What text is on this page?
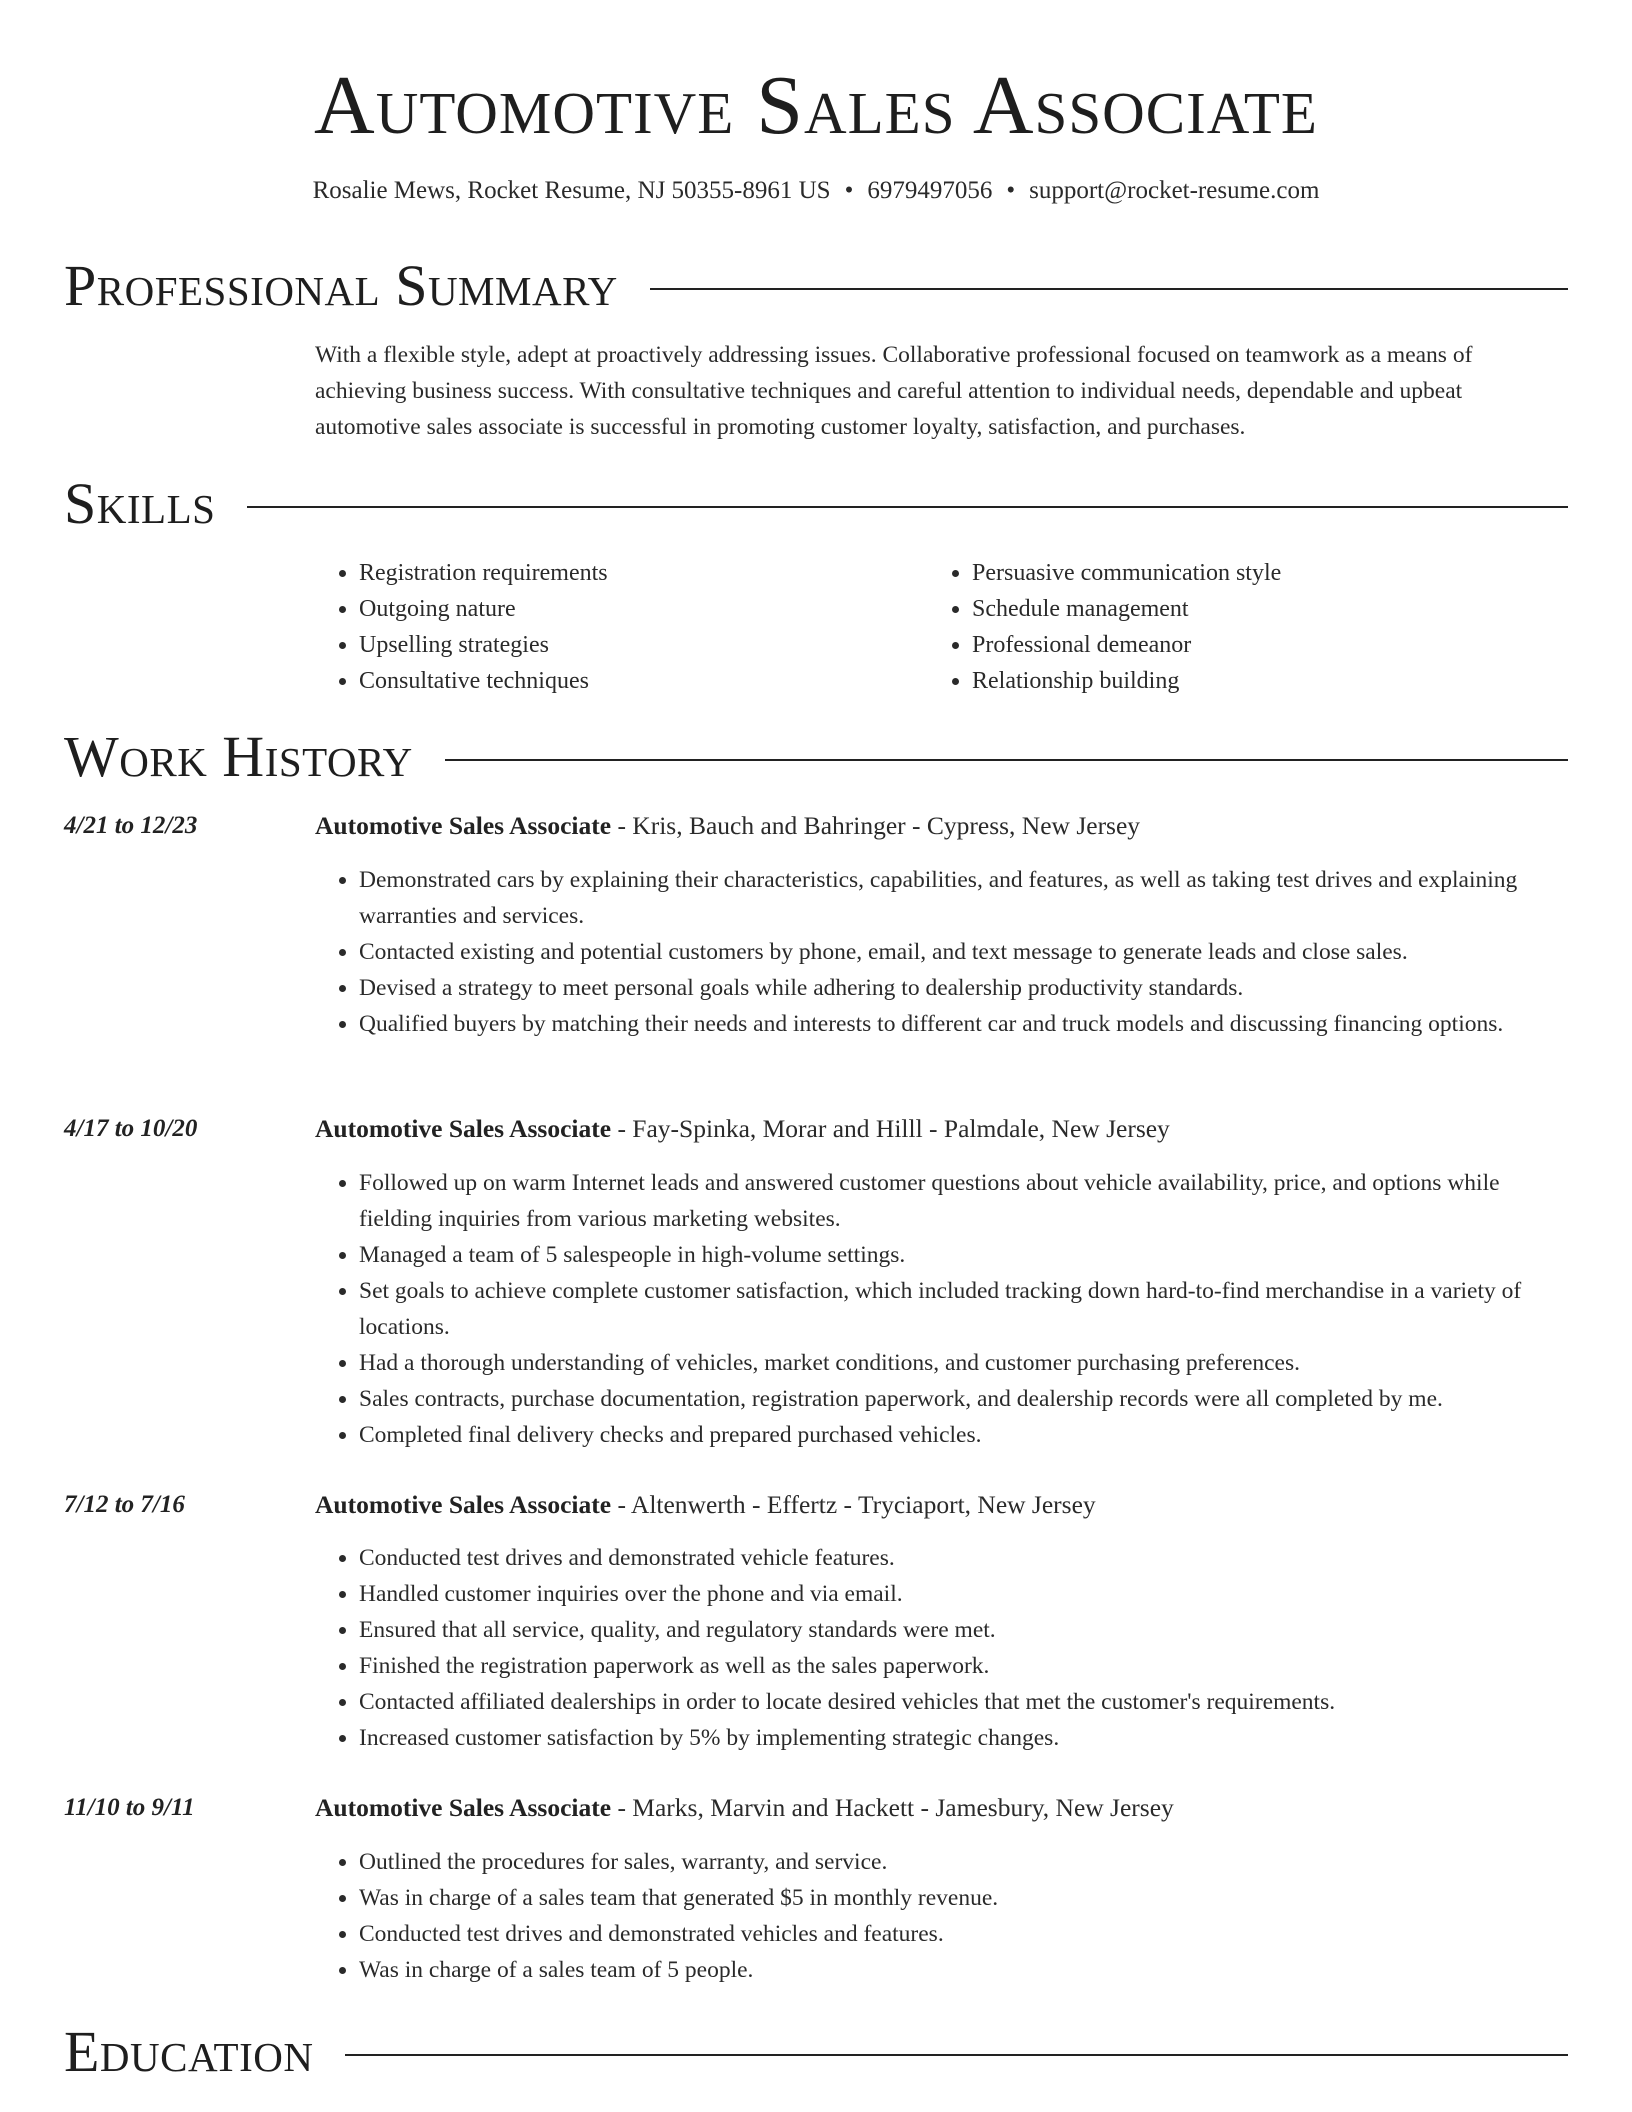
Automotive Sales Associate
Rosalie Mews, Rocket Resume, NJ 50355-8961 US • 6979497056 • support@rocket-resume.com
Professional Summary

With a flexible style, adept at proactively addressing issues. Collaborative professional focused on teamwork as a means of achieving business success. With consultative techniques and careful attention to individual needs, dependable and upbeat automotive sales associate is successful in promoting customer loyalty, satisfaction, and purchases.

Skills
• Registration requirements
• Outgoing nature
• Upselling strategies
• Consultative techniques
• Persuasive communication style
• Schedule management
• Professional demeanor
• Relationship building
Work History
4/21 to 12/23	Automotive Sales Associate - Kris, Bauch and Bahringer - Cypress, New Jersey
• Demonstrated cars by explaining their characteristics, capabilities, and features, as well as taking test drives and explaining warranties and services.
• Contacted existing and potential customers by phone, email, and text message to generate leads and close sales.
• Devised a strategy to meet personal goals while adhering to dealership productivity standards.
• Qualified buyers by matching their needs and interests to different car and truck models and discussing financing options.
4/17 to 10/20	Automotive Sales Associate - Fay-Spinka, Morar and Hilll - Palmdale, New Jersey
• Followed up on warm Internet leads and answered customer questions about vehicle availability, price, and options while fielding inquiries from various marketing websites.
• Managed a team of 5 salespeople in high-volume settings.
• Set goals to achieve complete customer satisfaction, which included tracking down hard-to-find merchandise in a variety of locations.
• Had a thorough understanding of vehicles, market conditions, and customer purchasing preferences.
• Sales contracts, purchase documentation, registration paperwork, and dealership records were all completed by me.
• Completed final delivery checks and prepared purchased vehicles.
7/12 to 7/16	Automotive Sales Associate - Altenwerth - Effertz - Tryciaport, New Jersey
• Conducted test drives and demonstrated vehicle features.
• Handled customer inquiries over the phone and via email.
• Ensured that all service, quality, and regulatory standards were met.
• Finished the registration paperwork as well as the sales paperwork.
• Contacted affiliated dealerships in order to locate desired vehicles that met the customer's requirements.
• Increased customer satisfaction by 5% by implementing strategic changes.
11/10 to 9/11	Automotive Sales Associate - Marks, Marvin and Hackett - Jamesbury, New Jersey
• Outlined the procedures for sales, warranty, and service.
• Was in charge of a sales team that generated $5 in monthly revenue.
• Conducted test drives and demonstrated vehicles and features.
• Was in charge of a sales team of 5 people.
Education
